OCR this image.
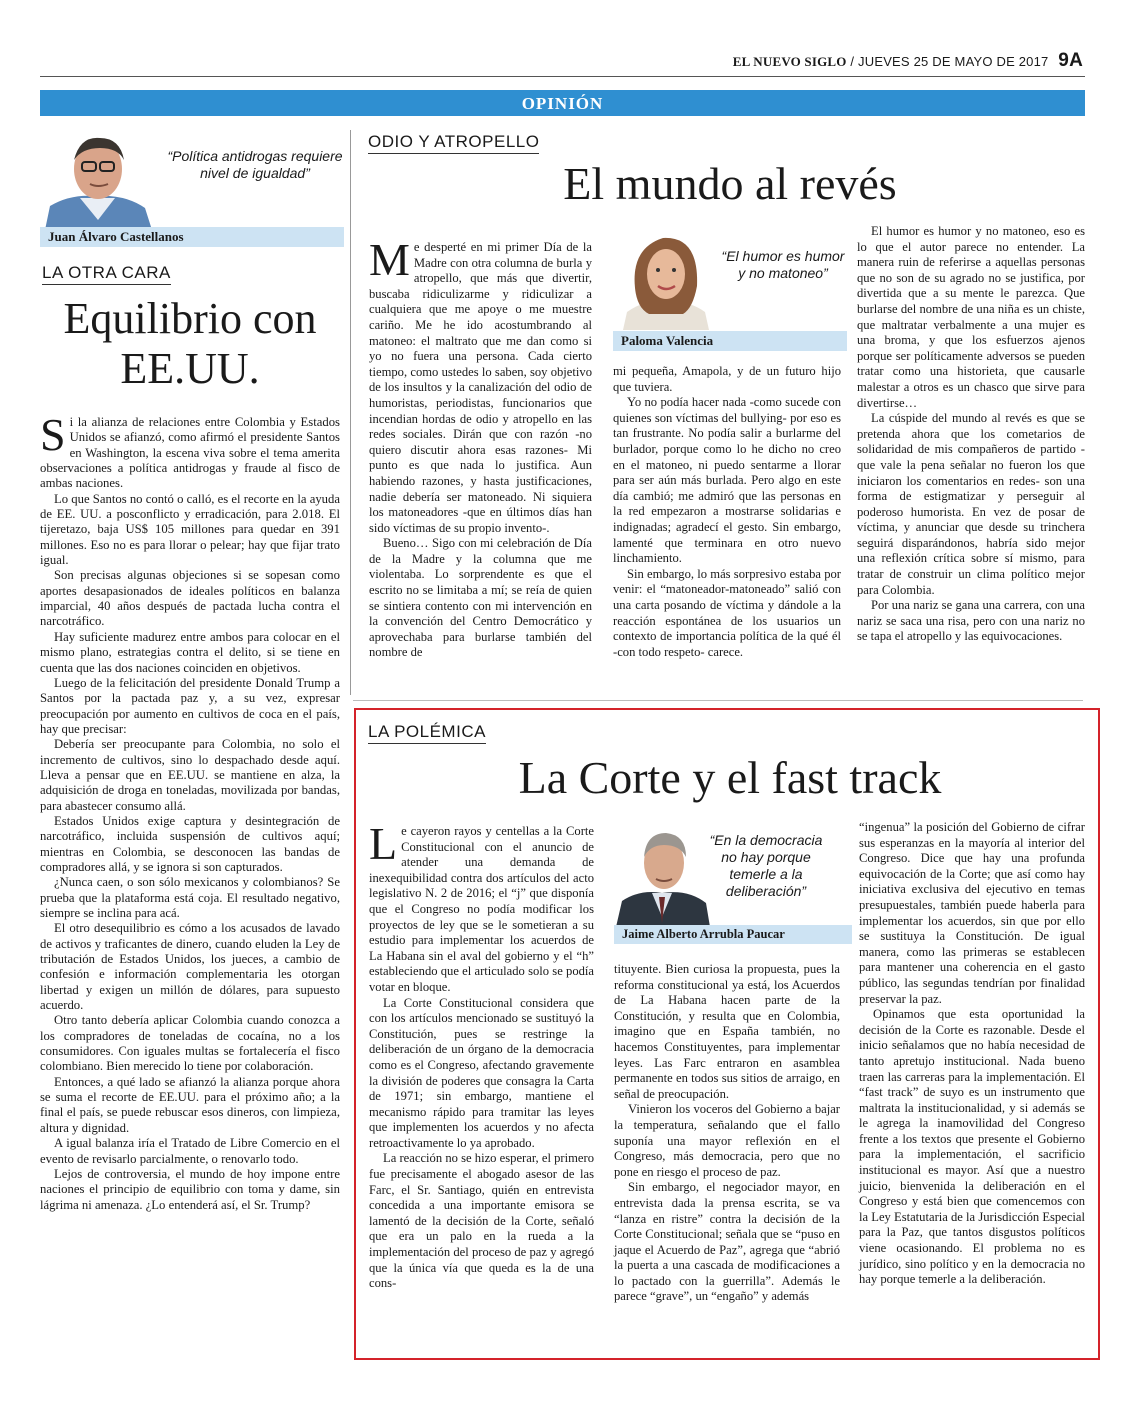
EL NUEVO SIGLO / JUEVES 25 DE MAYO DE 2017 9A
OPINIÓN
“Política antidrogas requiere nivel de igualdad”
Juan Álvaro Castellanos
LA OTRA CARA
Equilibrio con EE.UU.

Si la alianza de relaciones entre Colombia y Estados Unidos se afianzó, como afirmó el presidente Santos en Washington, la escena viva sobre el tema amerita observaciones a política antidrogas y fraude al fisco de ambas naciones.

Lo que Santos no contó o calló, es el recorte en la ayuda de EE. UU. a posconflicto y erradicación, para 2.018. El tijeretazo, baja US$ 105 millones para quedar en 391 millones. Eso no es para llorar o pelear; hay que fijar trato igual.

Son precisas algunas objeciones si se sopesan como aportes desapasionados de ideales políticos en balanza imparcial, 40 años después de pactada lucha contra el narcotráfico.

Hay suficiente madurez entre ambos para colocar en el mismo plano, estrategias contra el delito, si se tiene en cuenta que las dos naciones coinciden en objetivos.

Luego de la felicitación del presidente Donald Trump a Santos por la pactada paz y, a su vez, expresar preocupación por aumento en cultivos de coca en el país, hay que precisar:

Debería ser preocupante para Colombia, no solo el incremento de cultivos, sino lo despachado desde aquí. Lleva a pensar que en EE.UU. se mantiene en alza, la adquisición de droga en toneladas, movilizada por bandas, para abastecer consumo allá.

Estados Unidos exige captura y desintegración de narcotráfico, incluida suspensión de cultivos aquí; mientras en Colombia, se desconocen las bandas de compradores allá, y se ignora si son capturados.

¿Nunca caen, o son sólo mexicanos y colombianos? Se prueba que la plataforma está coja. El resultado negativo, siempre se inclina para acá.

El otro desequilibrio es cómo a los acusados de lavado de activos y traficantes de dinero, cuando eluden la Ley de tributación de Estados Unidos, los jueces, a cambio de confesión e información complementaria les otorgan libertad y exigen un millón de dólares, para supuesto acuerdo.

Otro tanto debería aplicar Colombia cuando conozca a los compradores de toneladas de cocaína, no a los consumidores. Con iguales multas se fortalecería el fisco colombiano. Bien merecido lo tiene por colaboración.

Entonces, a qué lado se afianzó la alianza porque ahora se suma el recorte de EE.UU. para el próximo año; a la final el país, se puede rebuscar esos dineros, con limpieza, altura y dignidad.

A igual balanza iría el Tratado de Libre Comercio en el evento de revisarlo parcialmente, o renovarlo todo.

Lejos de controversia, el mundo de hoy impone entre naciones el principio de equilibrio con toma y dame, sin lágrima ni amenaza. ¿Lo entenderá así, el Sr. Trump?

ODIO Y ATROPELLO
El mundo al revés

Me desperté en mi primer Día de la Madre con otra columna de burla y atropello, que más que divertir, buscaba ridiculizarme y ridiculizar a cualquiera que me apoye o me muestre cariño. Me he ido acostumbrando al matoneo: el maltrato que me dan como si yo no fuera una persona. Cada cierto tiempo, como ustedes lo saben, soy objetivo de los insultos y la canalización del odio de humoristas, periodistas, funcionarios que incendian hordas de odio y atropello en las redes sociales. Dirán que con razón -no quiero discutir ahora esas razones- Mi punto es que nada lo justifica. Aun habiendo razones, y hasta justificaciones, nadie debería ser matoneado. Ni siquiera los matoneadores -que en últimos días han sido víctimas de su propio invento-.

Bueno… Sigo con mi celebración de Día de la Madre y la columna que me violentaba. Lo sorprendente es que el escrito no se limitaba a mí; se reía de quien se sintiera contento con mi intervención en la convención del Centro Democrático y aprovechaba para burlarse también del nombre de

“El humor es humor y no matoneo”
Paloma Valencia

mi pequeña, Amapola, y de un futuro hijo que tuviera.

Yo no podía hacer nada -como sucede con quienes son víctimas del bullying- por eso es tan frustrante. No podía salir a burlarme del burlador, porque como lo he dicho no creo en el matoneo, ni puedo sentarme a llorar para ser aún más burlada. Pero algo en este día cambió; me admiró que las personas en la red empezaron a mostrarse solidarias e indignadas; agradecí el gesto. Sin embargo, lamenté que terminara en otro nuevo linchamiento.

Sin embargo, lo más sorpresivo estaba por venir: el “matoneador-matoneado” salió con una carta posando de víctima y dándole a la reacción espontánea de los usuarios un contexto de importancia política de la qué él -con todo respeto- carece.

El humor es humor y no matoneo, eso es lo que el autor parece no entender. La manera ruin de referirse a aquellas personas que no son de su agrado no se justifica, por divertida que a su mente le parezca. Que burlarse del nombre de una niña es un chiste, que maltratar verbalmente a una mujer es una broma, y que los esfuerzos ajenos porque ser políticamente adversos se pueden tratar como una historieta, que causarle malestar a otros es un chasco que sirve para divertirse…

La cúspide del mundo al revés es que se pretenda ahora que los cometarios de solidaridad de mis compañeros de partido -que vale la pena señalar no fueron los que iniciaron los comentarios en redes- son una forma de estigmatizar y perseguir al poderoso humorista. En vez de posar de víctima, y anunciar que desde su trinchera seguirá disparándonos, habría sido mejor una reflexión crítica sobre sí mismo, para tratar de construir un clima político mejor para Colombia.

Por una nariz se gana una carrera, con una nariz se saca una risa, pero con una nariz no se tapa el atropello y las equivocaciones.

LA POLÉMICA
La Corte y el fast track

Le cayeron rayos y centellas a la Corte Constitucional con el anuncio de atender una demanda de inexequibilidad contra dos artículos del acto legislativo N. 2 de 2016; el “j” que disponía que el Congreso no podía modificar los proyectos de ley que se le sometieran a su estudio para implementar los acuerdos de La Habana sin el aval del gobierno y el “h” estableciendo que el articulado solo se podía votar en bloque.

La Corte Constitucional considera que con los artículos mencionado se sustituyó la Constitución, pues se restringe la deliberación de un órgano de la democracia como es el Congreso, afectando gravemente la división de poderes que consagra la Carta de 1971; sin embargo, mantiene el mecanismo rápido para tramitar las leyes que implementen los acuerdos y no afecta retroactivamente lo ya aprobado.

La reacción no se hizo esperar, el primero fue precisamente el abogado asesor de las Farc, el Sr. Santiago, quién en entrevista concedida a una importante emisora se lamentó de la decisión de la Corte, señaló que era un palo en la rueda a la implementación del proceso de paz y agregó que la única vía que queda es la de una cons-

“En la democracia no hay porque temerle a la deliberación”
Jaime Alberto Arrubla Paucar

tituyente. Bien curiosa la propuesta, pues la reforma constitucional ya está, los Acuerdos de La Habana hacen parte de la Constitución, y resulta que en Colombia, imagino que en España también, no hacemos Constituyentes, para implementar leyes. Las Farc entraron en asamblea permanente en todos sus sitios de arraigo, en señal de preocupación.

Vinieron los voceros del Gobierno a bajar la temperatura, señalando que el fallo suponía una mayor reflexión en el Congreso, más democracia, pero que no pone en riesgo el proceso de paz.

Sin embargo, el negociador mayor, en entrevista dada la prensa escrita, se va “lanza en ristre” contra la decisión de la Corte Constitucional; señala que se “puso en jaque el Acuerdo de Paz”, agrega que “abrió la puerta a una cascada de modificaciones a lo pactado con la guerrilla”. Además le parece “grave”, un “engaño” y además

“ingenua” la posición del Gobierno de cifrar sus esperanzas en la mayoría al interior del Congreso. Dice que hay una profunda equivocación de la Corte; que así como hay iniciativa exclusiva del ejecutivo en temas presupuestales, también puede haberla para implementar los acuerdos, sin que por ello se sustituya la Constitución. De igual manera, como las primeras se establecen para mantener una coherencia en el gasto público, las segundas tendrían por finalidad preservar la paz.

Opinamos que esta oportunidad la decisión de la Corte es razonable. Desde el inicio señalamos que no había necesidad de tanto apretujo institucional. Nada bueno traen las carreras para la implementación. El “fast track” de suyo es un instrumento que maltrata la institucionalidad, y si además se le agrega la inamovilidad del Congreso frente a los textos que presente el Gobierno para la implementación, el sacrificio institucional es mayor. Así que a nuestro juicio, bienvenida la deliberación en el Congreso y está bien que comencemos con la Ley Estatutaria de la Jurisdicción Especial para la Paz, que tantos disgustos políticos viene ocasionando. El problema no es jurídico, sino político y en la democracia no hay porque temerle a la deliberación.
